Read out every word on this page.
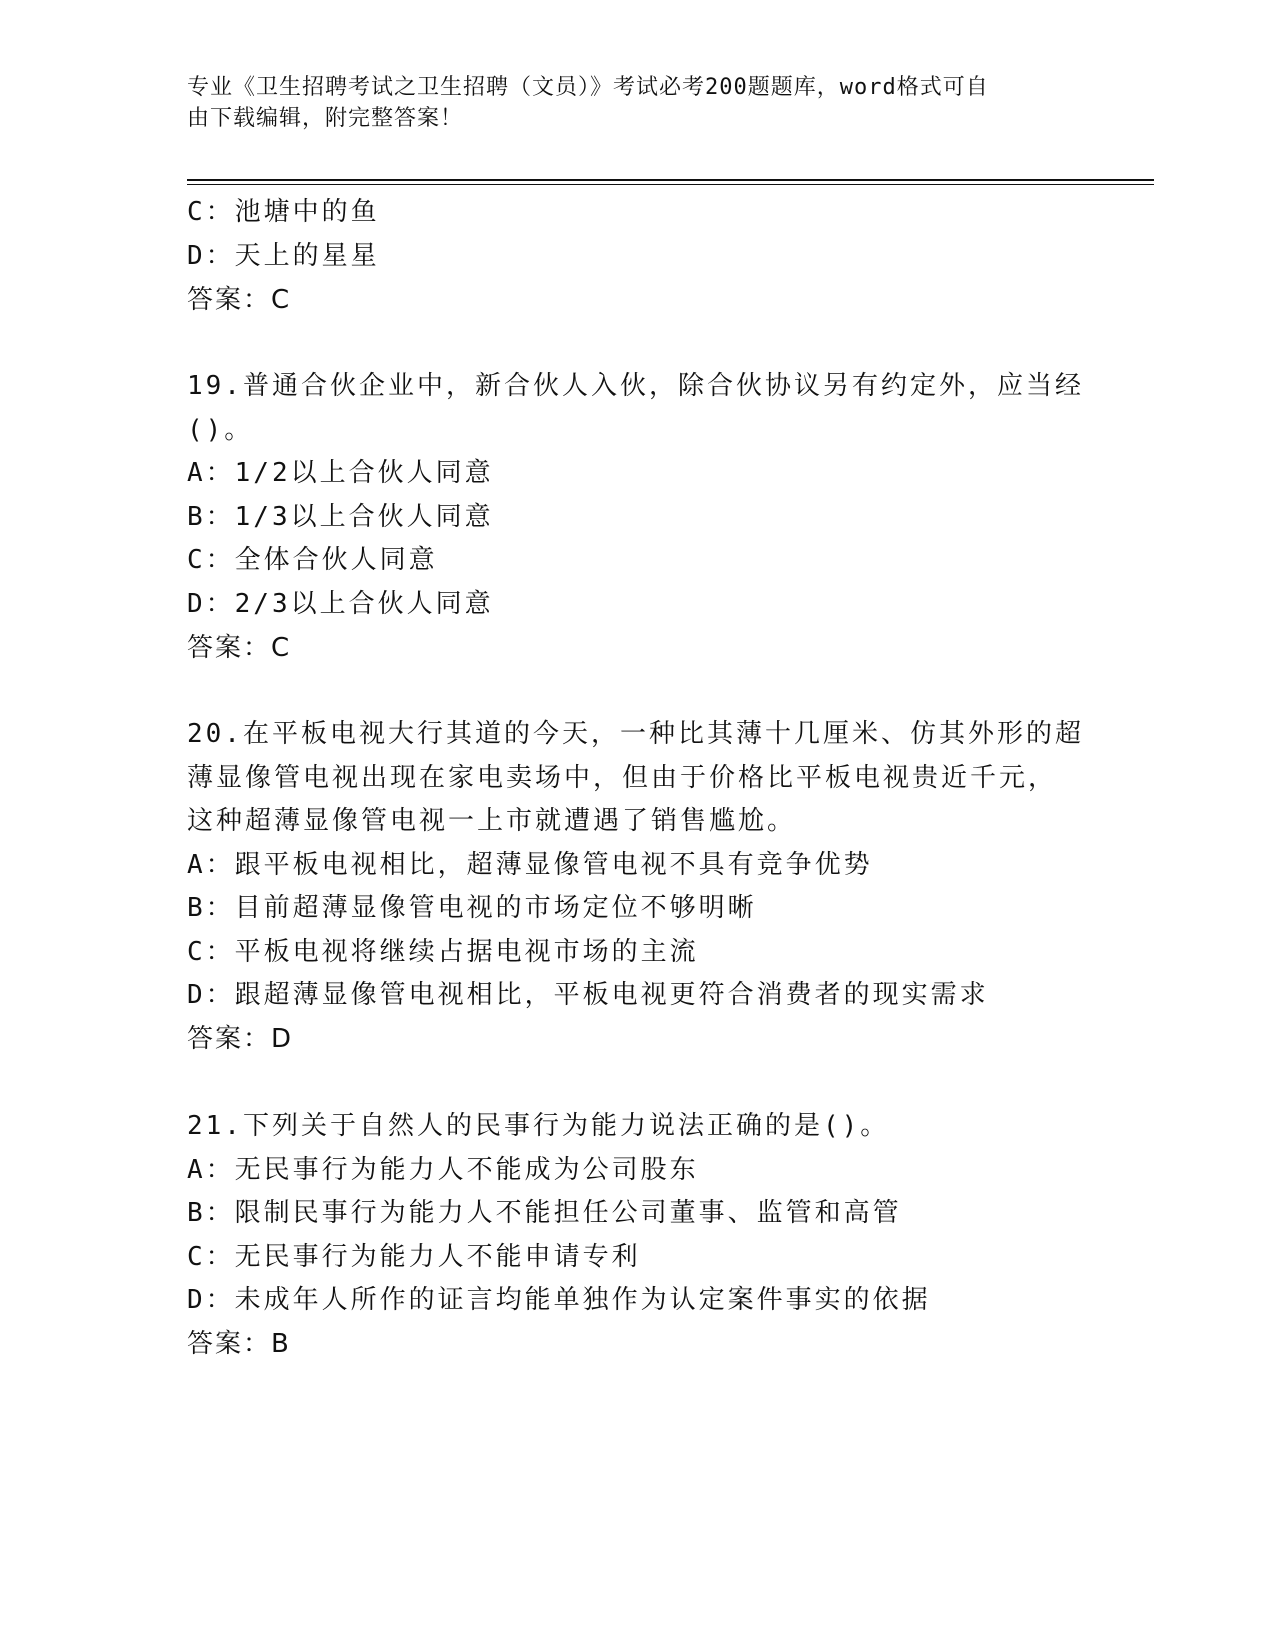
专业《卫生招聘考试之卫生招聘（文员）》考试必考200题题库，word格式可自
由下载编辑，附完整答案！
C：池塘中的鱼
D：天上的星星
答案：C
19.普通合伙企业中，新合伙人入伙，除合伙协议另有约定外，应当经
()。
A：1/2以上合伙人同意
B：1/3以上合伙人同意
C：全体合伙人同意
D：2/3以上合伙人同意
答案：C
20.在平板电视大行其道的今天，一种比其薄十几厘米、仿其外形的超
薄显像管电视出现在家电卖场中，但由于价格比平板电视贵近千元，
这种超薄显像管电视一上市就遭遇了销售尴尬。
A：跟平板电视相比，超薄显像管电视不具有竞争优势
B：目前超薄显像管电视的市场定位不够明晰
C：平板电视将继续占据电视市场的主流
D：跟超薄显像管电视相比，平板电视更符合消费者的现实需求
答案：D
21.下列关于自然人的民事行为能力说法正确的是()。
A：无民事行为能力人不能成为公司股东
B：限制民事行为能力人不能担任公司董事、监管和高管
C：无民事行为能力人不能申请专利
D：未成年人所作的证言均能单独作为认定案件事实的依据
答案：B
